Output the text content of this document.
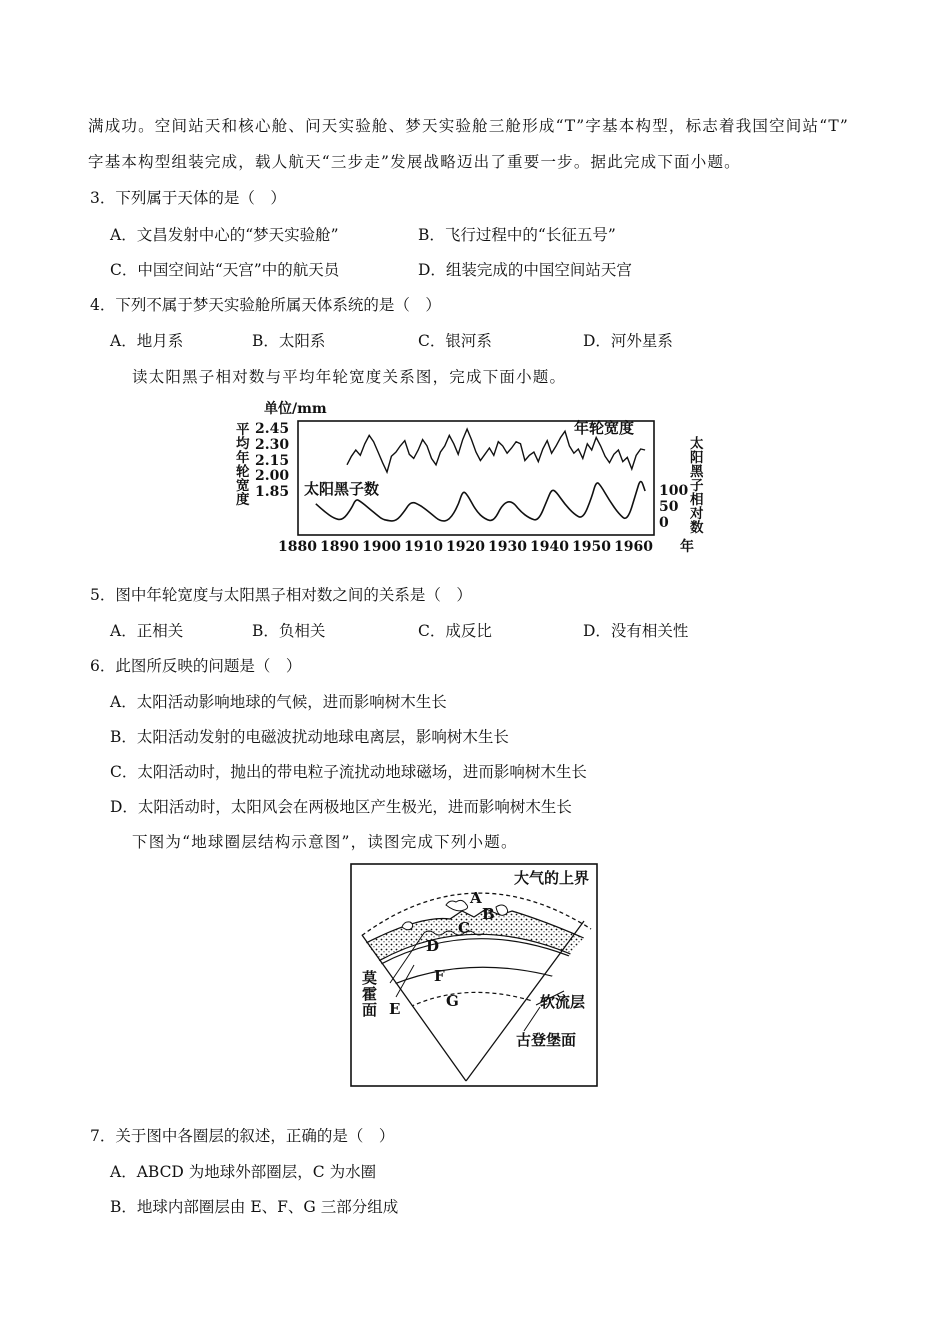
满成功。空间站天和核心舱、问天实验舱、梦天实验舱三舱形成“T”字基本构型，标志着我国空间站“T”
字基本构型组装完成，载人航天“三步走”发展战略迈出了重要一步。据此完成下面小题。
3．下列属于天体的是（　）
A．文昌发射中心的“梦天实验舱”	B．飞行过程中的“长征五号”
C．中国空间站“天宫”中的航天员	D．组装完成的中国空间站天宫
4．下列不属于梦天实验舱所属天体系统的是（　）
A．地月系	B．太阳系	C．银河系	D．河外星系
读太阳黑子相对数与平均年轮宽度关系图，完成下面小题。
单位/mm
平
均
年
轮
宽
度
2.45
2.30
2.15
2.00
1.85
年轮宽度
太阳黑子数	100
50
0
太
阳
黑
子
相
对
数
1880 1890 1900 1910 1920 1930 1940 1950 1960 年
5．图中年轮宽度与太阳黑子相对数之间的关系是（　）
A．正相关	B．负相关	C．成反比	D．没有相关性
6．此图所反映的问题是（　）
A．太阳活动影响地球的气候，进而影响树木生长
B．太阳活动发射的电磁波扰动地球电离层，影响树木生长
C．太阳活动时，抛出的带电粒子流扰动地球磁场，进而影响树木生长
D．太阳活动时，太阳风会在两极地区产生极光，进而影响树木生长
下图为“地球圈层结构示意图”，读图完成下列小题。
大气的上界
A
B
C
D
E
F
G
莫
霍
面	软流层
古登堡面
7．关于图中各圈层的叙述，正确的是（　）
A．ABCD 为地球外部圈层，C 为水圈
B．地球内部圈层由 E、F、G 三部分组成
